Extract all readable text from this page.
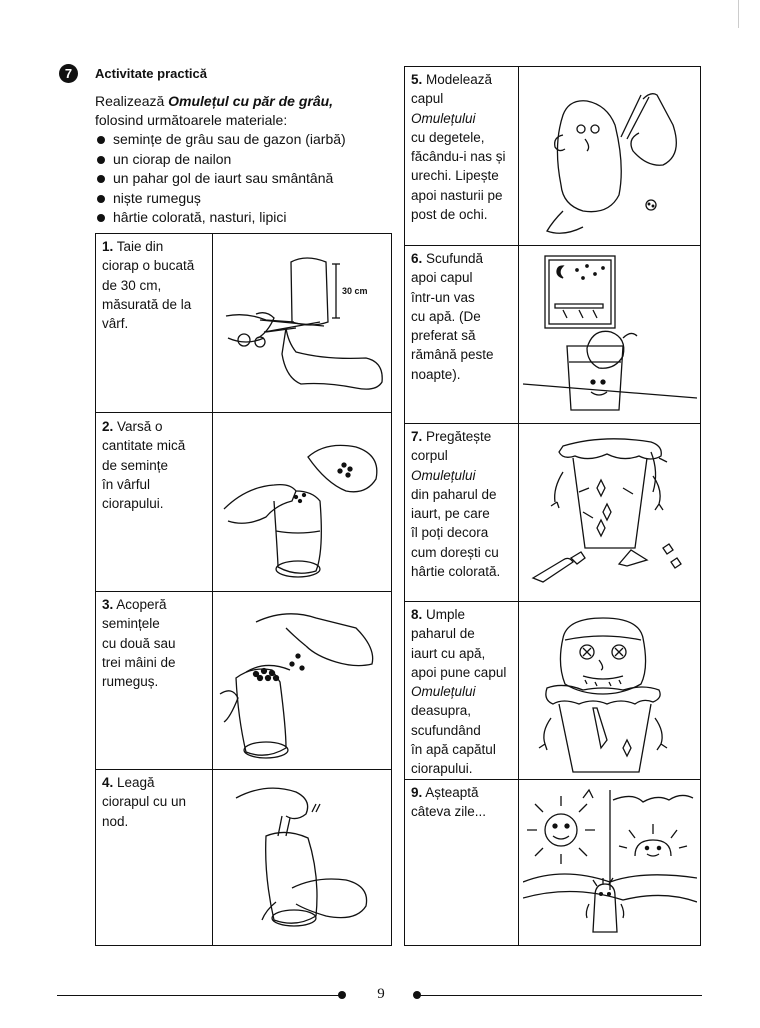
7	Activitate practică
Realizează Omulețul cu păr de grâu,
folosind următoarele materiale:
semințe de grâu sau de gazon (iarbă)
un ciorap de nailon
un pahar gol de iaurt sau smântână
niște rumeguș
hârtie colorată, nasturi, lipici
1. Taie din
ciorap o bucată
de 30 cm,
măsurată de la
vârf.
30 cm
2. Varsă o
cantitate mică
de semințe
în vârful
ciorapului.
3. Acoperă
semințele
cu două sau
trei mâini de
rumeguș.
4. Leagă
ciorapul cu un
nod.
5. Modelează
capul
Omulețului
cu degetele,
făcându-i nas și
urechi. Lipește
apoi nasturii pe
post de ochi.
6. Scufundă
apoi capul
într-un vas
cu apă. (De
preferat să
rămână peste
noapte).
7. Pregătește
corpul
Omulețului
din paharul de
iaurt, pe care
îl poți decora
cum dorești cu
hârtie colorată.
8. Umple
paharul de
iaurt cu apă,
apoi pune capul
Omulețului
deasupra,
scufundând
în apă capătul
ciorapului.
9. Așteaptă
câteva zile...
9
